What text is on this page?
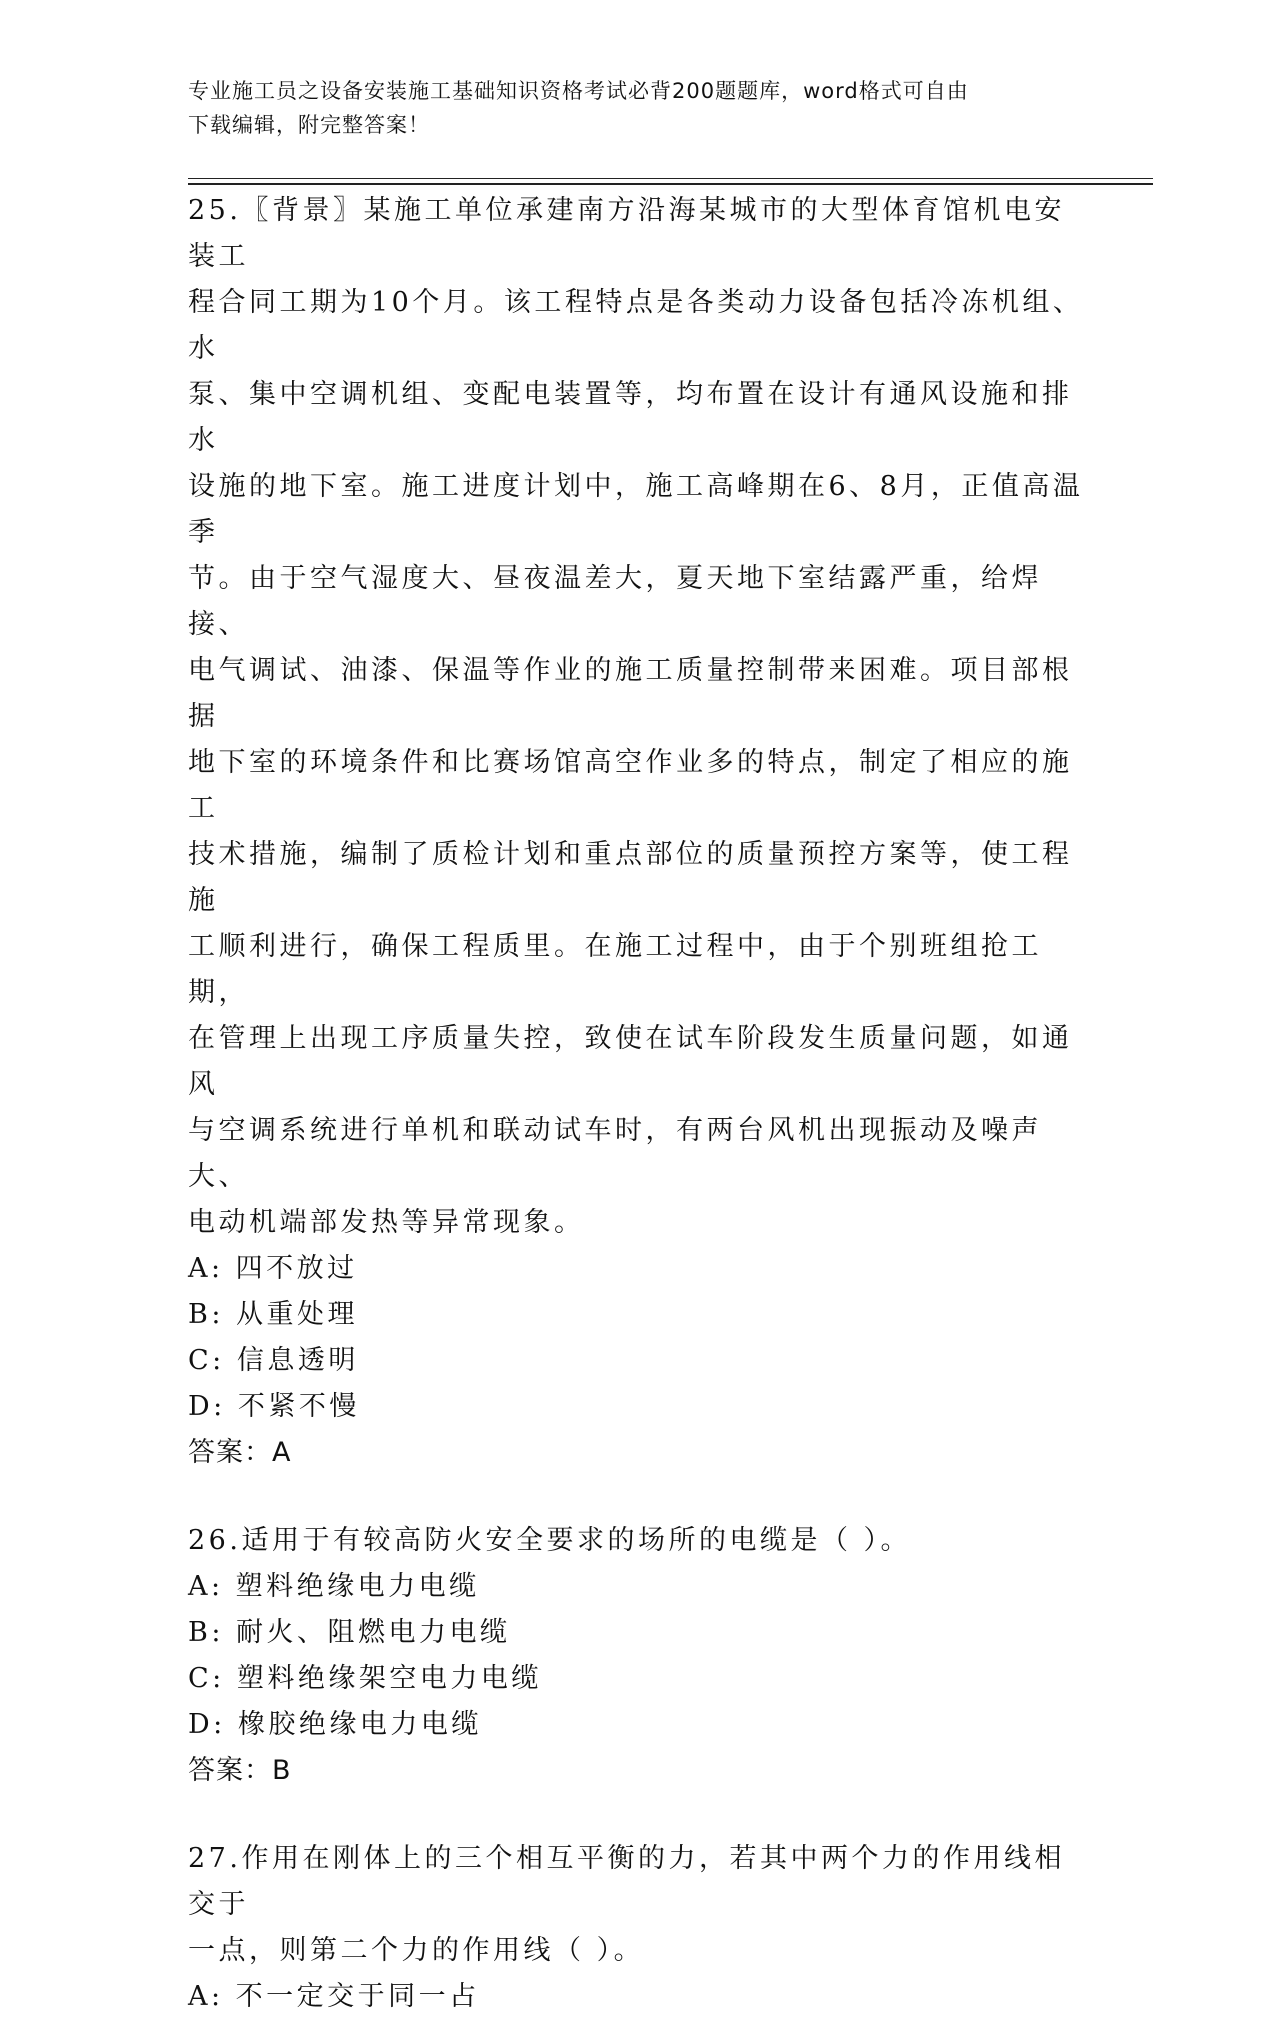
专业施工员之设备安装施工基础知识资格考试必背200题题库，word格式可自由
下载编辑，附完整答案！

25.〖背景〗某施工单位承建南方沿海某城市的大型体育馆机电安装工

程合同工期为10个月。该工程特点是各类动力设备包括冷冻机组、水

泵、集中空调机组、变配电装置等，均布置在设计有通风设施和排水

设施的地下室。施工进度计划中，施工高峰期在6、8月，正值高温季

节。由于空气湿度大、昼夜温差大，夏天地下室结露严重，给焊接、

电气调试、油漆、保温等作业的施工质量控制带来困难。项目部根据

地下室的环境条件和比赛场馆高空作业多的特点，制定了相应的施工

技术措施，编制了质检计划和重点部位的质量预控方案等，使工程施

工顺利进行，确保工程质里。在施工过程中，由于个别班组抢工期，

在管理上出现工序质量失控，致使在试车阶段发生质量问题，如通风

与空调系统进行单机和联动试车时，有两台风机出现振动及噪声大、

电动机端部发热等异常现象。

A: 四不放过

B: 从重处理

C: 信息透明

D: 不紧不慢

答案：A

26.适用于有较高防火安全要求的场所的电缆是（ ）。

A: 塑料绝缘电力电缆

B: 耐火、阻燃电力电缆

C: 塑料绝缘架空电力电缆

D: 橡胶绝缘电力电缆

答案：B

27.作用在刚体上的三个相互平衡的力，若其中两个力的作用线相交于

一点，则第二个力的作用线（ ）。

A: 不一定交于同一占
